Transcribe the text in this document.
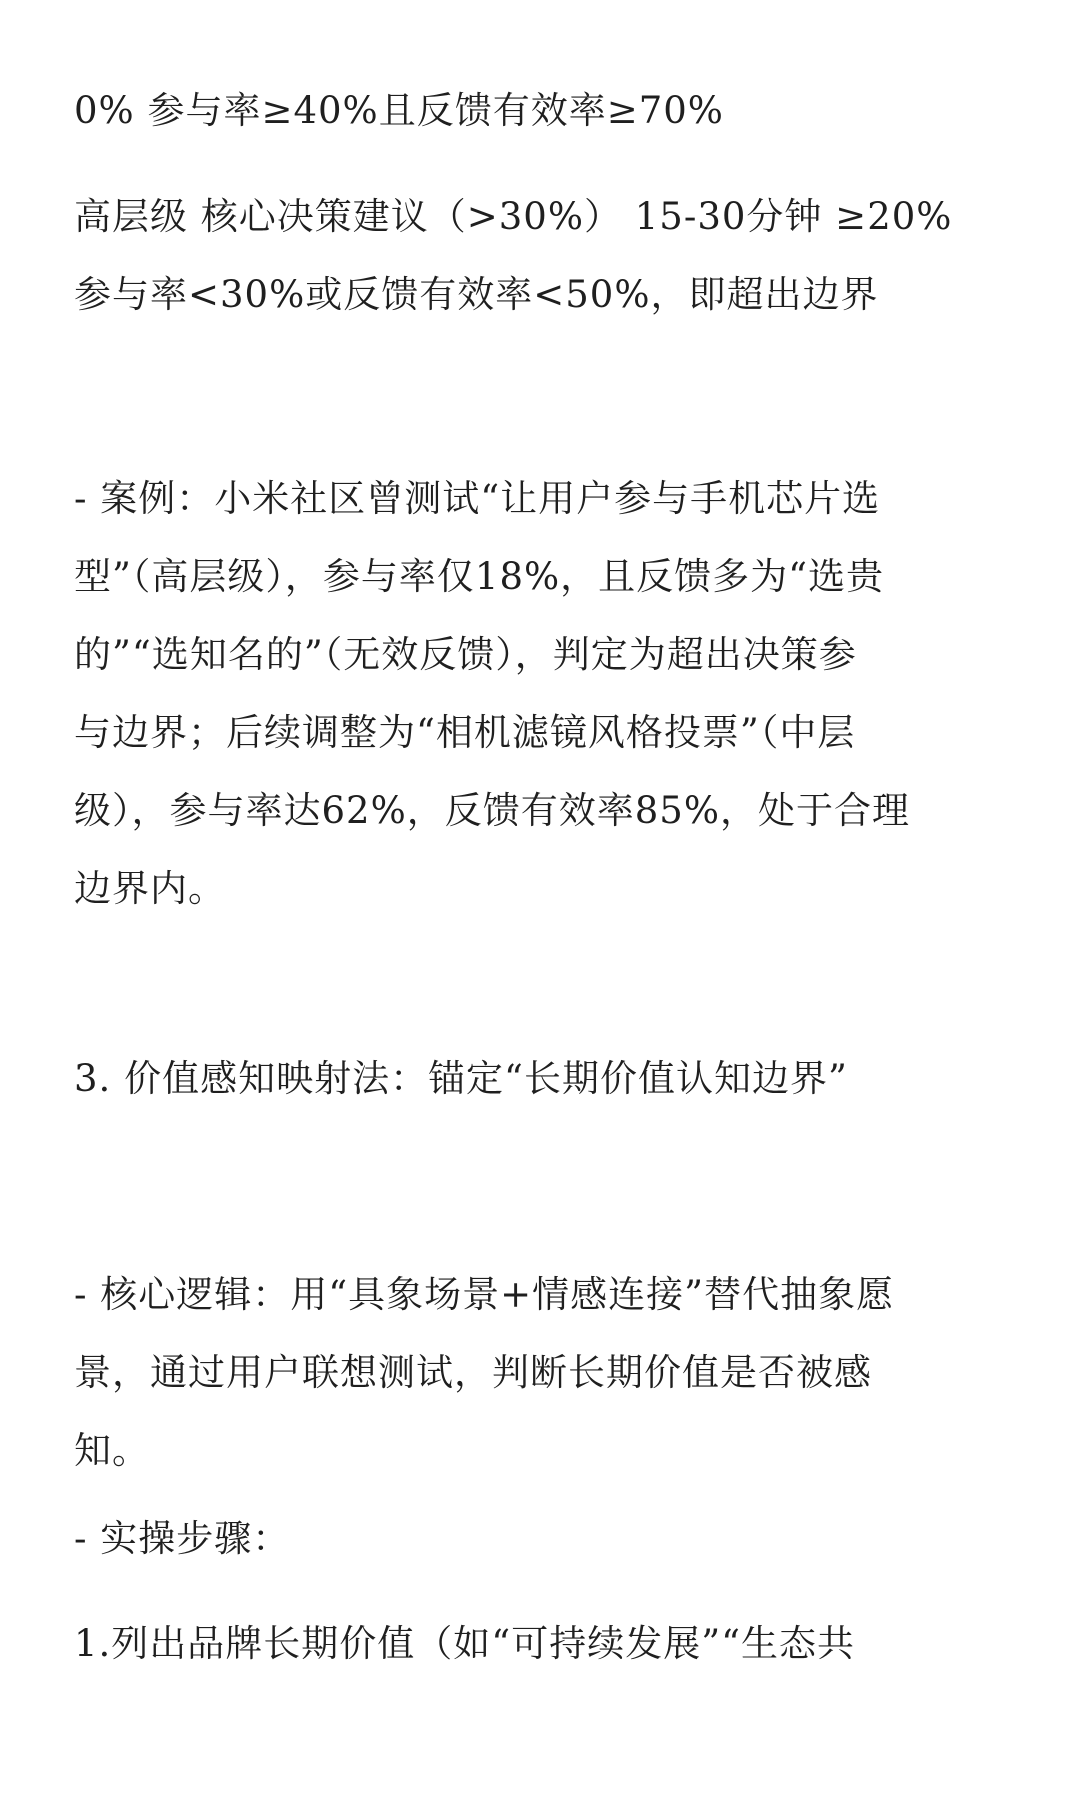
0% 参与率≥40%且反馈有效率≥70%

高层级 核心决策建议（>30%） 15-30分钟 ≥20%
参与率<30%或反馈有效率<50%，即超出边界

- 案例：小米社区曾测试“让用户参与手机芯片选
型”（高层级），参与率仅18%，且反馈多为“选贵
的”“选知名的”（无效反馈），判定为超出决策参
与边界；后续调整为“相机滤镜风格投票”（中层
级），参与率达62%，反馈有效率85%，处于合理
边界内。

3. 价值感知映射法：锚定“长期价值认知边界”

- 核心逻辑：用“具象场景+情感连接”替代抽象愿
景，通过用户联想测试，判断长期价值是否被感
知。

- 实操步骤：

1.列出品牌长期价值（如“可持续发展”“生态共
